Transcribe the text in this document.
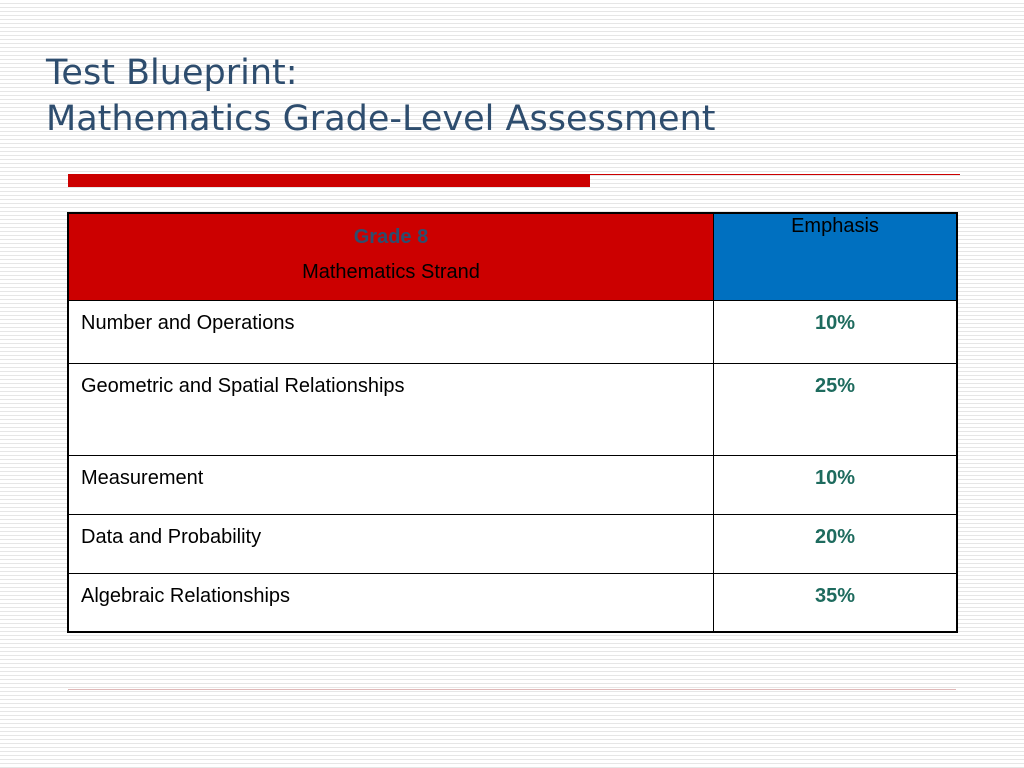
Test Blueprint:
Mathematics Grade-Level Assessment
Grade 8
Mathematics Strand	Emphasis

Number and Operations	10%
Geometric and Spatial Relationships	25%
Measurement	10%
Data and Probability	20%
Algebraic Relationships	35%
